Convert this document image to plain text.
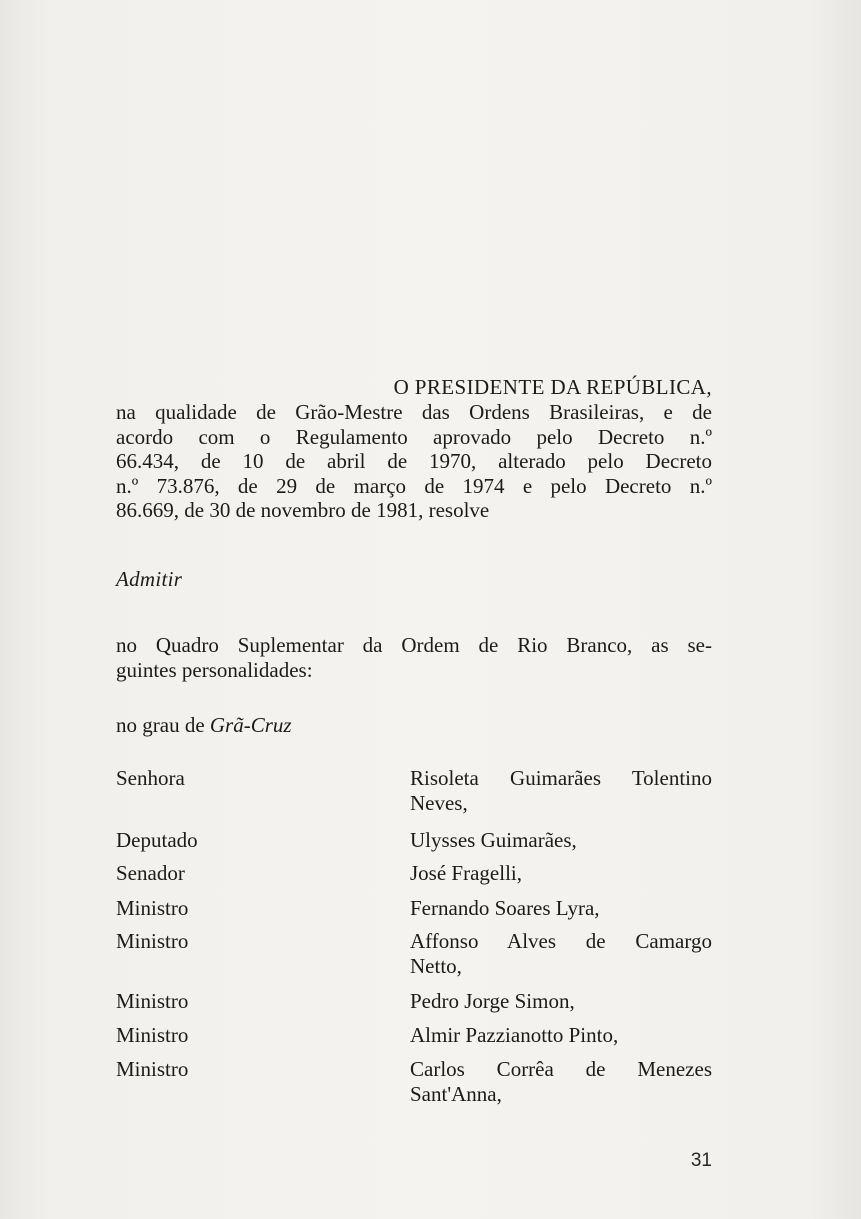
O PRESIDENTE DA REPÚBLICA,
na qualidade de Grão-Mestre das Ordens Brasileiras, e de
acordo com o Regulamento aprovado pelo Decreto n.º
66.434, de 10 de abril de 1970, alterado pelo Decreto
n.º 73.876, de 29 de março de 1974 e pelo Decreto n.º
86.669, de 30 de novembro de 1981, resolve
Admitir
no Quadro Suplementar da Ordem de Rio Branco, as se-
guintes personalidades:
no grau de Grã-Cruz
Senhora	Risoleta Guimarães Tolentino
Neves,
Deputado	Ulysses Guimarães,
Senador	José Fragelli,
Ministro	Fernando Soares Lyra,
Ministro	Affonso Alves de Camargo
Netto,
Ministro	Pedro Jorge Simon,
Ministro	Almir Pazzianotto Pinto,
Ministro	Carlos Corrêa de Menezes
Sant'Anna,
31
